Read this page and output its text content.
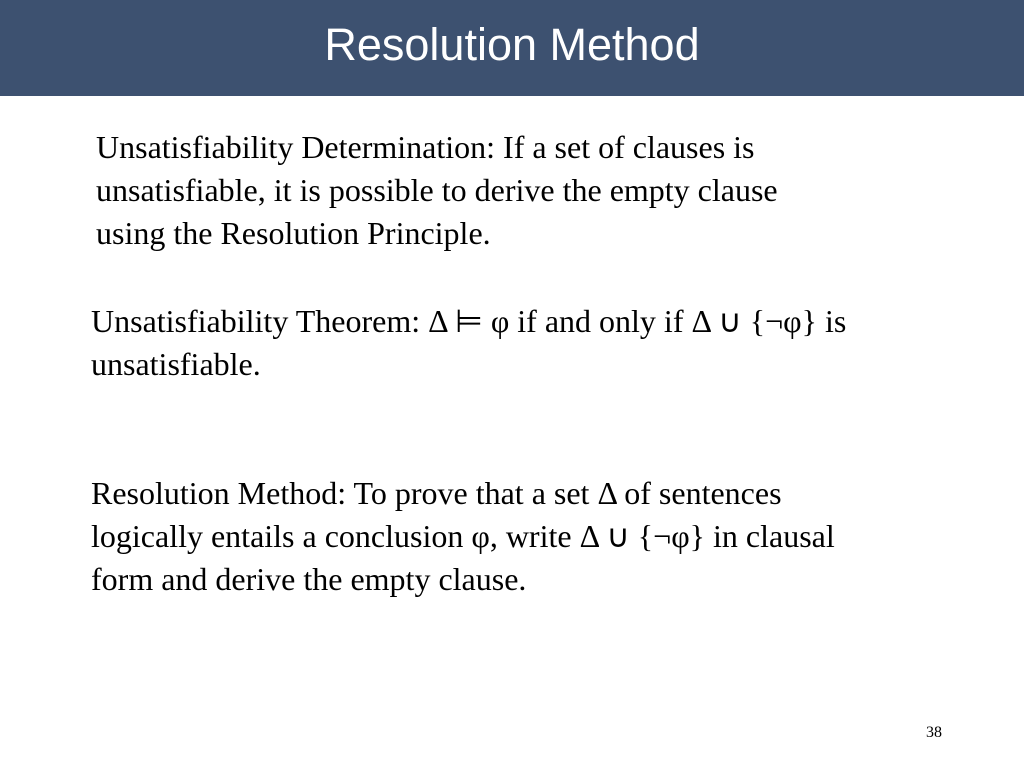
Resolution Method
Unsatisfiability Determination: If a set of clauses is
unsatisfiable, it is possible to derive the empty clause
using the Resolution Principle.
Unsatisfiability Theorem: Δ ⊨ φ if and only if Δ ∪ {¬φ} is
unsatisfiable.
Resolution Method: To prove that a set Δ of sentences
logically entails a conclusion φ, write Δ ∪ {¬φ} in clausal
form and derive the empty clause.
38
